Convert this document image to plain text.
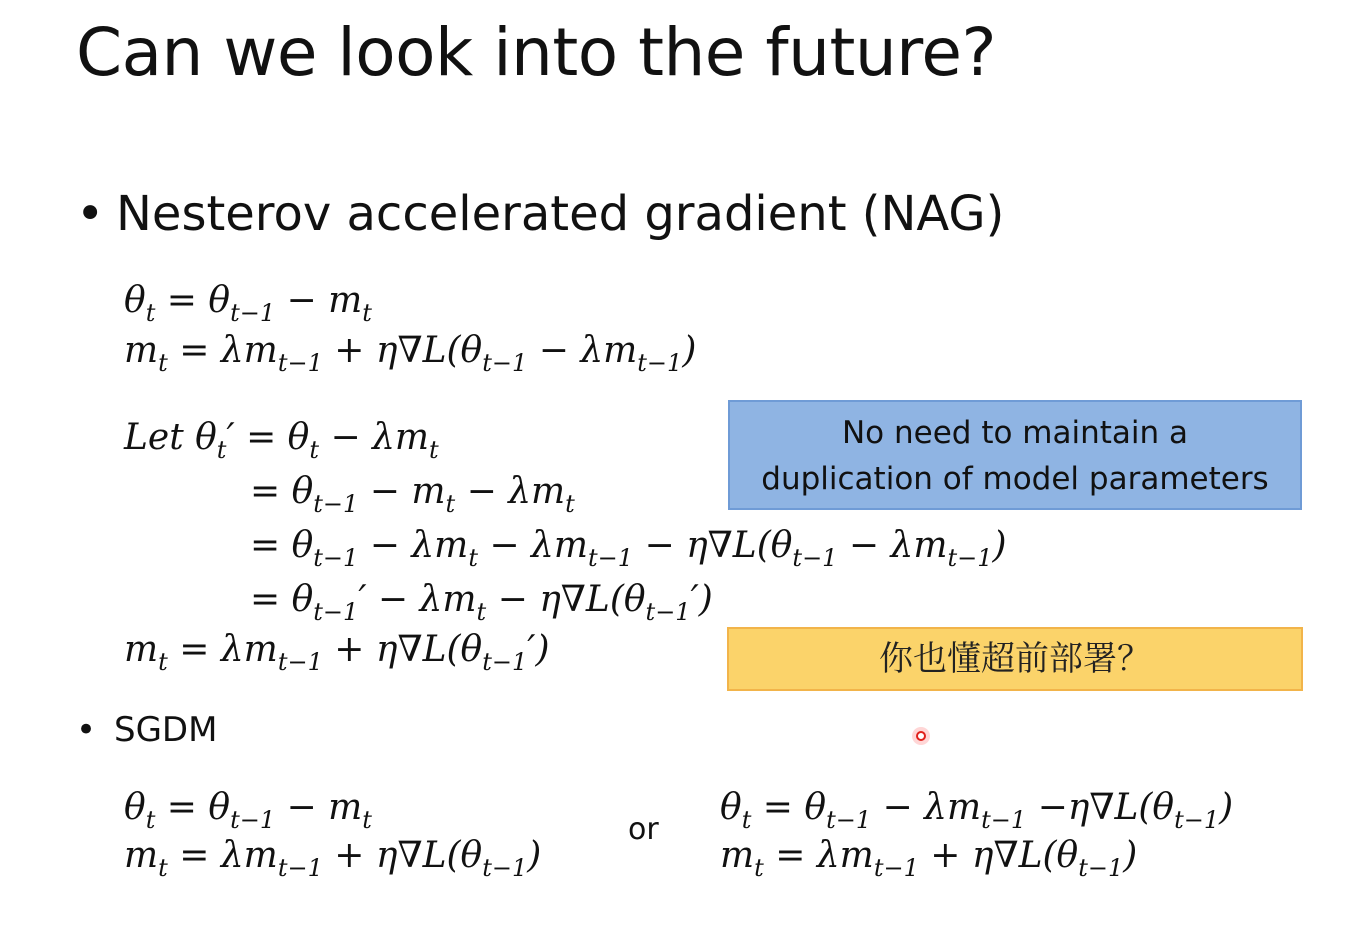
Can we look into the future?
• Nesterov accelerated gradient (NAG)
$\theta_t = \theta_{t-1} - m_t$
$m_t = \lambda m_{t-1} + \eta\nabla L(\theta_{t-1} - \lambda m_{t-1})$
Let $\theta_t' = \theta_t - \lambda m_t$
= $\theta_{t-1} - m_t - \lambda m_t$
= $\theta_{t-1} - \lambda m_t - \lambda m_{t-1} - \eta\nabla L(\theta_{t-1} - \lambda m_{t-1})$
= $\theta_{t-1}' - \lambda m_t - \eta\nabla L(\theta_{t-1}')$
$m_t = \lambda m_{t-1} + \eta\nabla L(\theta_{t-1}')$
No need to maintain a
duplication of model parameters
你也懂超前部署？
• SGDM
$\theta_t = \theta_{t-1} - m_t$
$m_t = \lambda m_{t-1} + \eta\nabla L(\theta_{t-1})$
or
$\theta_t = \theta_{t-1} - \lambda m_{t-1} -\eta\nabla L(\theta_{t-1})$
$m_t = \lambda m_{t-1} + \eta\nabla L(\theta_{t-1})$
